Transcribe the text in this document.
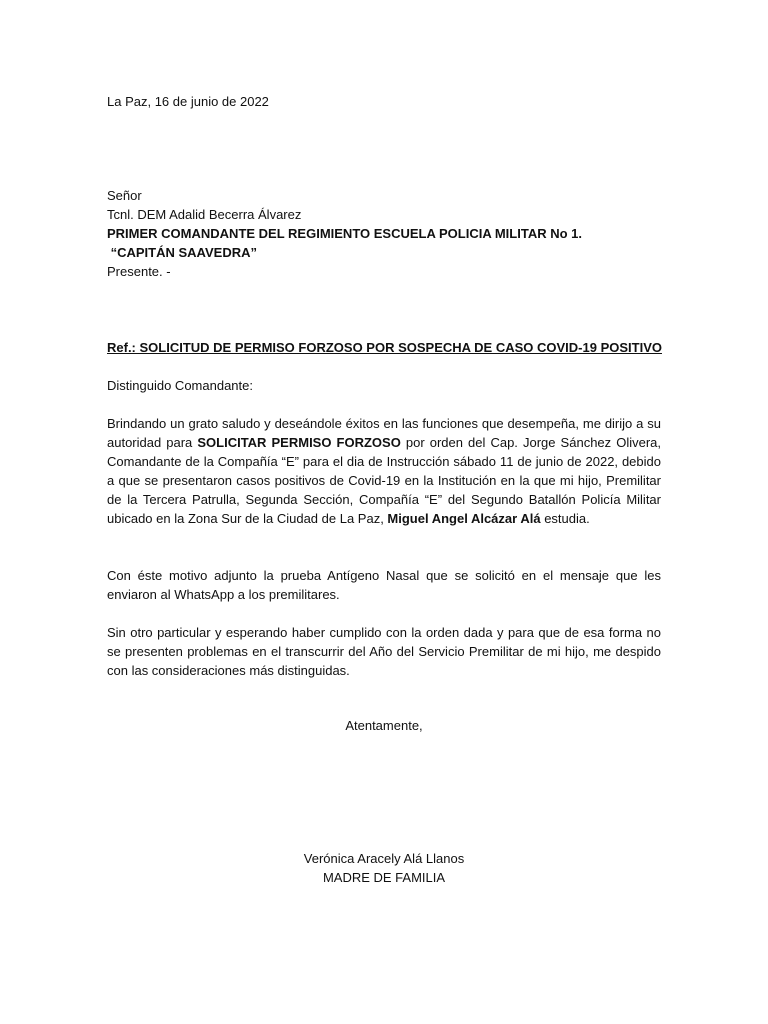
La Paz, 16 de junio de 2022
Señor
Tcnl. DEM Adalid Becerra Álvarez
PRIMER COMANDANTE DEL REGIMIENTO ESCUELA POLICIA MILITAR No 1.
“CAPITÁN SAAVEDRA”
Presente. -
Ref.: SOLICITUD DE PERMISO FORZOSO POR SOSPECHA DE CASO COVID-19 POSITIVO
Distinguido Comandante:
Brindando un grato saludo y deseándole éxitos en las funciones que desempeña, me dirijo a su autoridad para SOLICITAR PERMISO FORZOSO por orden del Cap. Jorge Sánchez Olivera, Comandante de la Compañía “E” para el dia de Instrucción sábado 11 de junio de 2022, debido a que se presentaron casos positivos de Covid-19 en la Institución en la que mi hijo, Premilitar de la Tercera Patrulla, Segunda Sección, Compañía “E” del Segundo Batallón Policía Militar ubicado en la Zona Sur de la Ciudad de La Paz, Miguel Angel Alcázar Alá estudia.
Con éste motivo adjunto la prueba Antígeno Nasal que se solicitó en el mensaje que les enviaron al WhatsApp a los premilitares.
Sin otro particular y esperando haber cumplido con la orden dada y para que de esa forma no se presenten problemas en el transcurrir del Año del Servicio Premilitar de mi hijo, me despido con las consideraciones más distinguidas.
Atentamente,
Verónica Aracely Alá Llanos
MADRE DE FAMILIA
